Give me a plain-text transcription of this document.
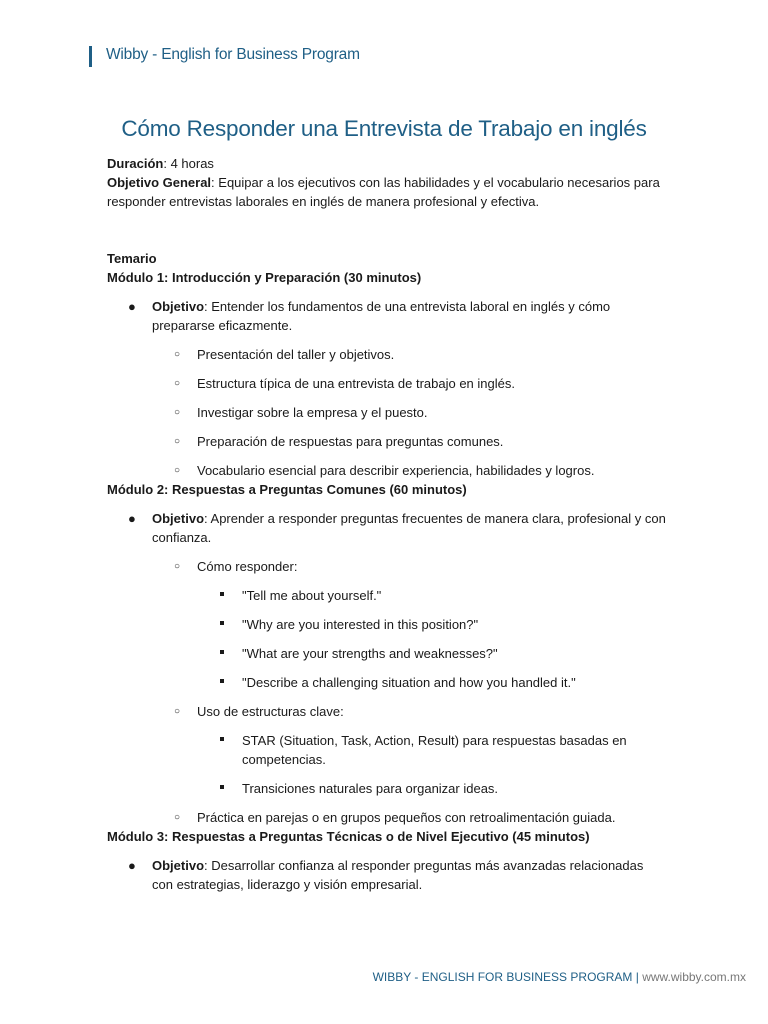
Wibby - English for Business Program
Cómo Responder una Entrevista de Trabajo en inglés

Duración: 4 horas

Objetivo General: Equipar a los ejecutivos con las habilidades y el vocabulario necesarios para responder entrevistas laborales en inglés de manera profesional y efectiva.

Temario

Módulo 1: Introducción y Preparación (30 minutos)

● Objetivo: Entender los fundamentos de una entrevista laboral en inglés y cómo prepararse eficazmente.
○ Presentación del taller y objetivos.
○ Estructura típica de una entrevista de trabajo en inglés.
○ Investigar sobre la empresa y el puesto.
○ Preparación de respuestas para preguntas comunes.
○ Vocabulario esencial para describir experiencia, habilidades y logros.

Módulo 2: Respuestas a Preguntas Comunes (60 minutos)

● Objetivo: Aprender a responder preguntas frecuentes de manera clara, profesional y con confianza.
○ Cómo responder:
"Tell me about yourself."
"Why are you interested in this position?"
"What are your strengths and weaknesses?"
"Describe a challenging situation and how you handled it."
○ Uso de estructuras clave:
STAR (Situation, Task, Action, Result) para respuestas basadas en competencias.
Transiciones naturales para organizar ideas.
○ Práctica en parejas o en grupos pequeños con retroalimentación guiada.

Módulo 3: Respuestas a Preguntas Técnicas o de Nivel Ejecutivo (45 minutos)

● Objetivo: Desarrollar confianza al responder preguntas más avanzadas relacionadas con estrategias, liderazgo y visión empresarial.
WIBBY - ENGLISH FOR BUSINESS PROGRAM | www.wibby.com.mx
